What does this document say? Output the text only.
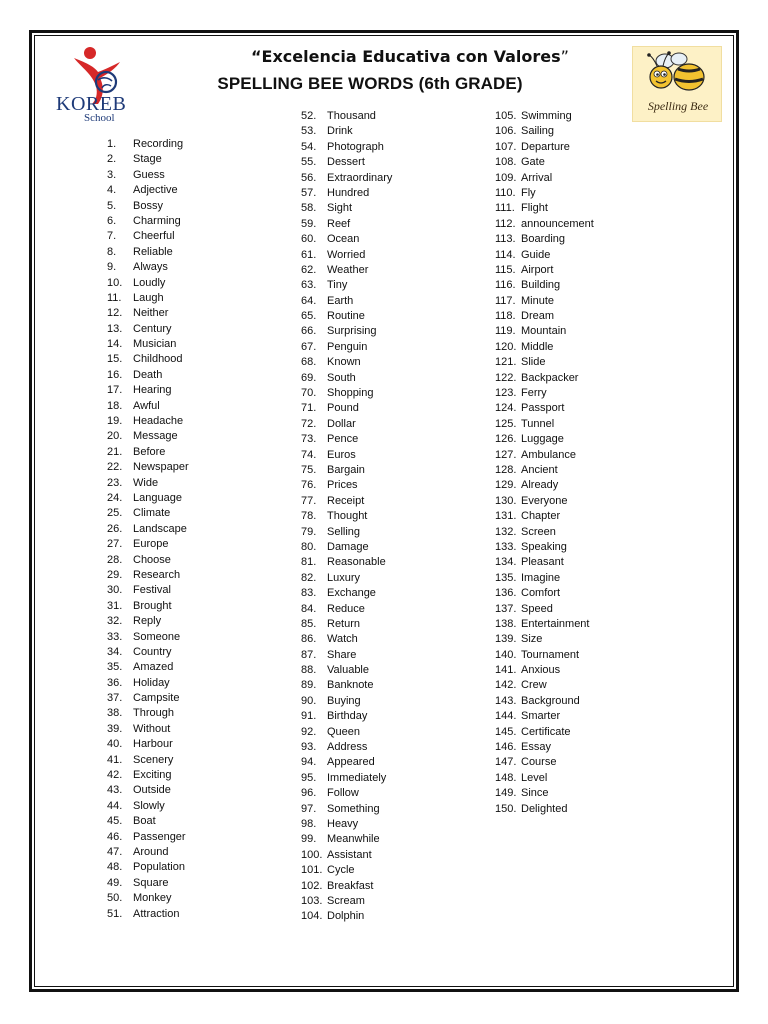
KOREB
School
“Excelencia Educativa con Valores”
SPELLING BEE WORDS (6th GRADE)
Spelling Bee
1.	Recording
2.	Stage
3.	Guess
4.	Adjective
5.	Bossy
6.	Charming
7.	Cheerful
8.	Reliable
9.	Always
10. Loudly
11.	Laugh
12. Neither
13. Century
14. Musician
15. Childhood
16. Death
17. Hearing
18. Awful
19. Headache
20. Message
21. Before
22. Newspaper
23. Wide
24. Language
25. Climate
26. Landscape
27. Europe
28. Choose
29. Research
30. Festival
31. Brought
32. Reply
33. Someone
34. Country
35. Amazed
36. Holiday
37. Campsite
38. Through
39. Without
40. Harbour
41. Scenery
42. Exciting
43. Outside
44. Slowly
45. Boat
46. Passenger
47. Around
48. Population
49. Square
50. Monkey
51. Attraction
52. Thousand
53. Drink
54. Photograph
55. Dessert
56. Extraordinary
57. Hundred
58. Sight
59. Reef
60. Ocean
61. Worried
62. Weather
63. Tiny
64. Earth
65. Routine
66. Surprising
67. Penguin
68. Known
69. South
70. Shopping
71. Pound
72. Dollar
73. Pence
74. Euros
75. Bargain
76. Prices
77. Receipt
78. Thought
79. Selling
80. Damage
81. Reasonable
82. Luxury
83. Exchange
84. Reduce
85. Return
86. Watch
87. Share
88. Valuable
89. Banknote
90. Buying
91. Birthday
92. Queen
93. Address
94. Appeared
95. Immediately
96. Follow
97. Something
98. Heavy
99. Meanwhile
100. Assistant
101. Cycle
102. Breakfast
103. Scream
104. Dolphin
105. Swimming
106. Sailing
107. Departure
108. Gate
109. Arrival
110. Fly
111. Flight
112. announcement
113. Boarding
114. Guide
115. Airport
116. Building
117. Minute
118. Dream
119. Mountain
120. Middle
121. Slide
122. Backpacker
123. Ferry
124. Passport
125. Tunnel
126. Luggage
127. Ambulance
128. Ancient
129. Already
130. Everyone
131. Chapter
132. Screen
133. Speaking
134. Pleasant
135. Imagine
136. Comfort
137. Speed
138. Entertainment
139. Size
140. Tournament
141. Anxious
142. Crew
143. Background
144. Smarter
145. Certificate
146. Essay
147. Course
148. Level
149. Since
150. Delighted
